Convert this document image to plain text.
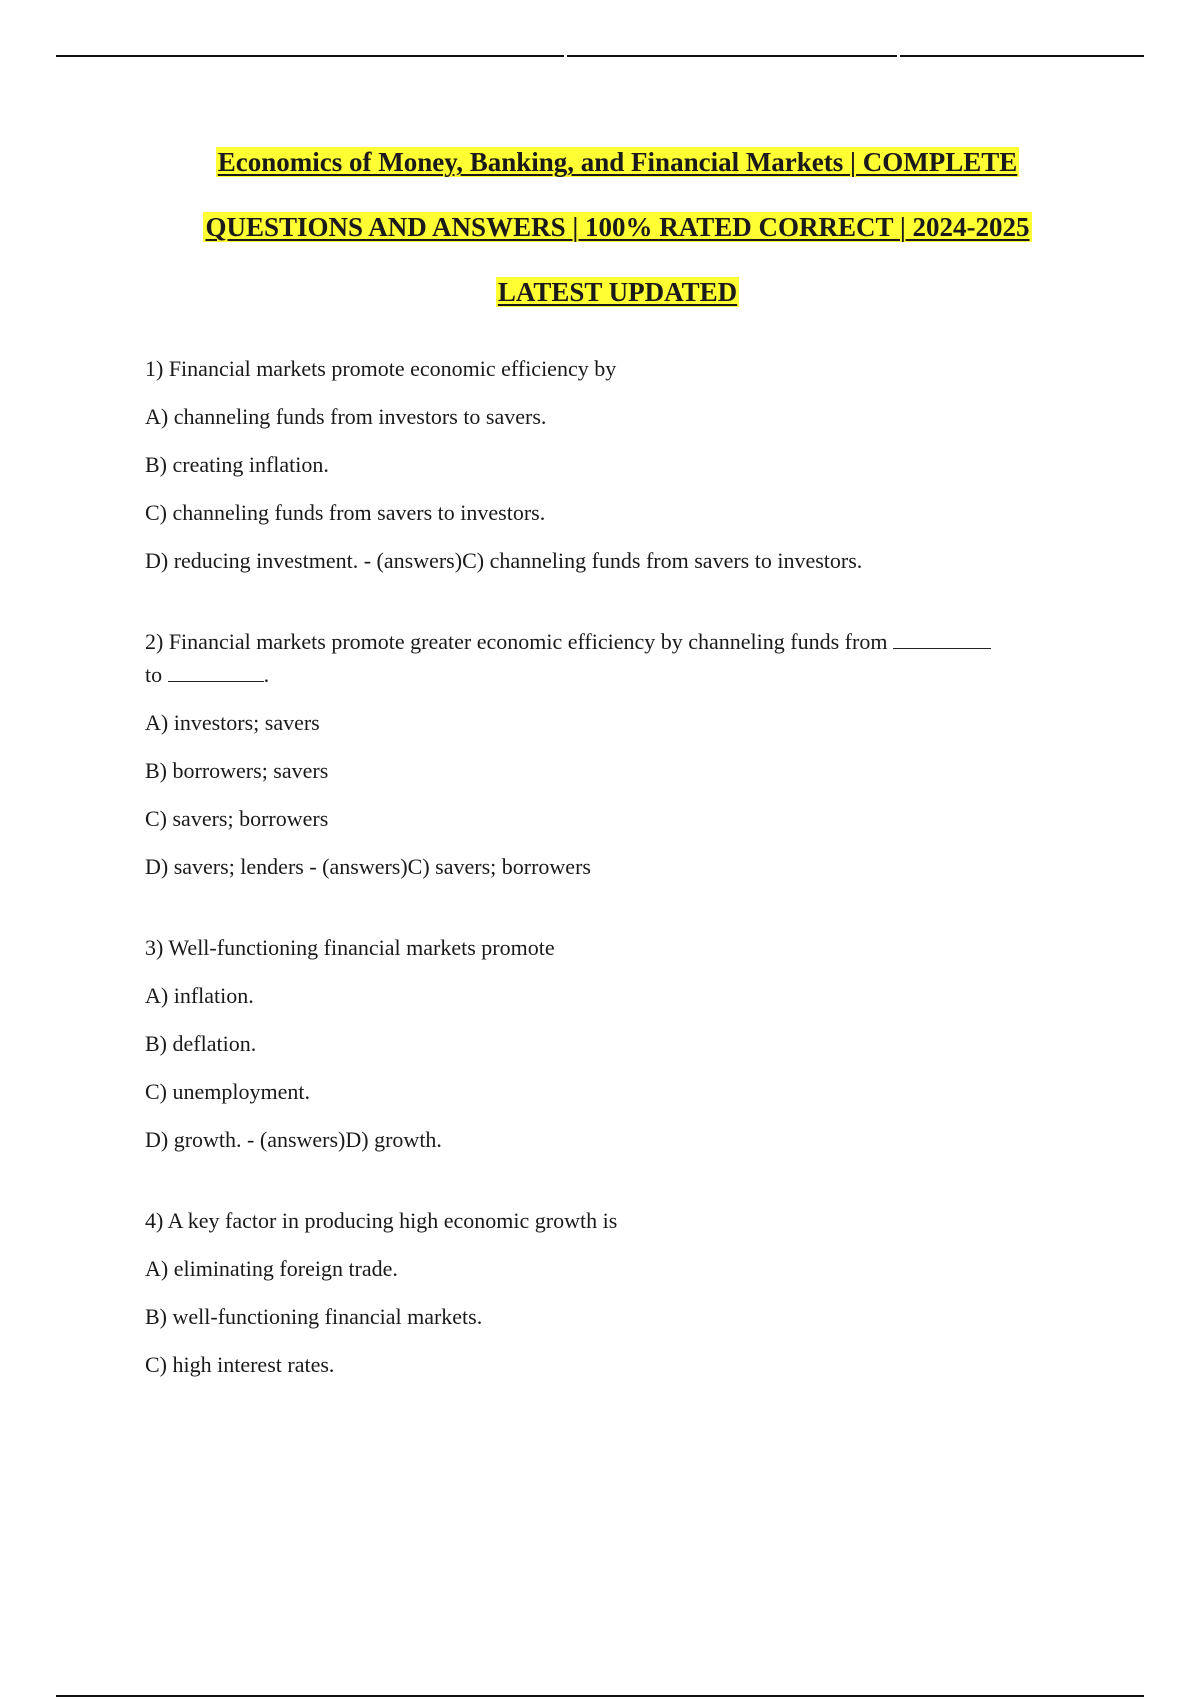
Economics of Money, Banking, and Financial Markets | COMPLETE
QUESTIONS AND ANSWERS | 100% RATED CORRECT | 2024-2025
LATEST UPDATED
1) Financial markets promote economic efficiency by
A) channeling funds from investors to savers.
B) creating inflation.
C) channeling funds from savers to investors.
D) reducing investment. - (answers)C) channeling funds from savers to investors.
2) Financial markets promote greater economic efficiency by channeling funds from
to	.
A) investors; savers
B) borrowers; savers
C) savers; borrowers
D) savers; lenders - (answers)C) savers; borrowers
3) Well-functioning financial markets promote
A) inflation.
B) deflation.
C) unemployment.
D) growth. - (answers)D) growth.
4) A key factor in producing high economic growth is
A) eliminating foreign trade.
B) well-functioning financial markets.
C) high interest rates.
